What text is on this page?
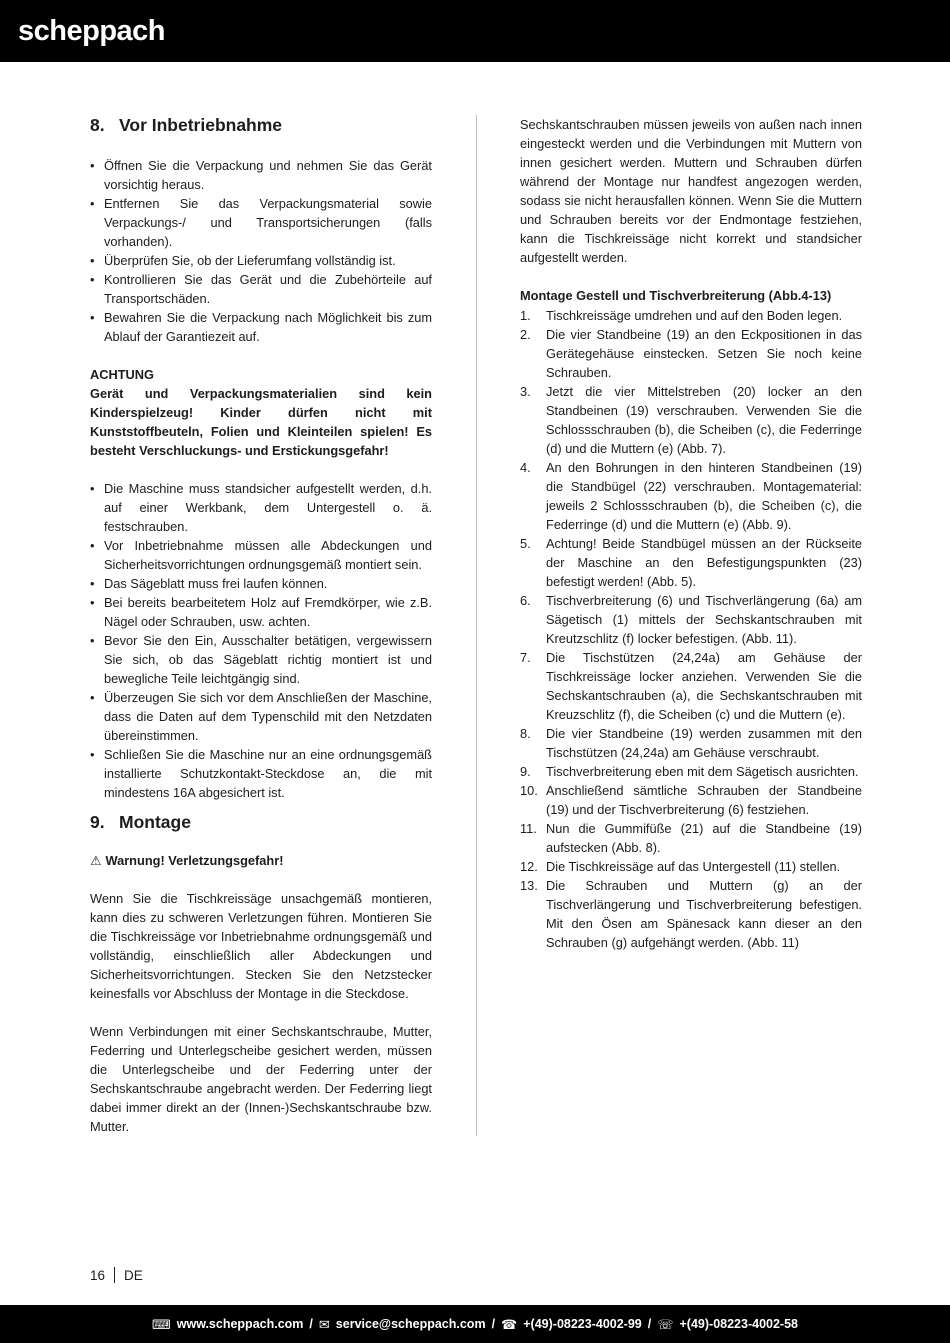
scheppach
8. Vor Inbetriebnahme
• Öffnen Sie die Verpackung und nehmen Sie das Gerät vorsichtig heraus.
• Entfernen Sie das Verpackungsmaterial sowie Verpackungs-/ und Transportsicherungen (falls vorhanden).
• Überprüfen Sie, ob der Lieferumfang vollständig ist.
• Kontrollieren Sie das Gerät und die Zubehörteile auf Transportschäden.
• Bewahren Sie die Verpackung nach Möglichkeit bis zum Ablauf der Garantiezeit auf.

ACHTUNG

Gerät und Verpackungsmaterialien sind kein Kinderspielzeug! Kinder dürfen nicht mit Kunststoffbeuteln, Folien und Kleinteilen spielen! Es besteht Verschluckungs- und Erstickungsgefahr!

• Die Maschine muss standsicher aufgestellt werden, d.h. auf einer Werkbank, dem Untergestell o. ä. festschrauben.
• Vor Inbetriebnahme müssen alle Abdeckungen und Sicherheitsvorrichtungen ordnungsgemäß montiert sein.
• Das Sägeblatt muss frei laufen können.
• Bei bereits bearbeitetem Holz auf Fremdkörper, wie z.B. Nägel oder Schrauben, usw. achten.
• Bevor Sie den Ein, Ausschalter betätigen, vergewissern Sie sich, ob das Sägeblatt richtig montiert ist und bewegliche Teile leichtgängig sind.
• Überzeugen Sie sich vor dem Anschließen der Maschine, dass die Daten auf dem Typenschild mit den Netzdaten übereinstimmen.
• Schließen Sie die Maschine nur an eine ordnungsgemäß installierte Schutzkontakt-Steckdose an, die mit mindestens 16A abgesichert ist.
9. Montage

⚠ Warnung! Verletzungsgefahr!

Wenn Sie die Tischkreissäge unsachgemäß montieren, kann dies zu schweren Verletzungen führen. Montieren Sie die Tischkreissäge vor Inbetriebnahme ordnungsgemäß und vollständig, einschließlich aller Abdeckungen und Sicherheitsvorrichtungen. Stecken Sie den Netzstecker keinesfalls vor Abschluss der Montage in die Steckdose.

Wenn Verbindungen mit einer Sechskantschraube, Mutter, Federring und Unterlegscheibe gesichert werden, müssen die Unterlegscheibe und der Federring unter der Sechskantschraube angebracht werden. Der Federring liegt dabei immer direkt an der (Innen-)Sechskantschraube bzw. Mutter.

Sechskantschrauben müssen jeweils von außen nach innen eingesteckt werden und die Verbindungen mit Muttern von innen gesichert werden. Muttern und Schrauben dürfen während der Montage nur handfest angezogen werden, sodass sie nicht herausfallen können. Wenn Sie die Muttern und Schrauben bereits vor der Endmontage festziehen, kann die Tischkreissäge nicht korrekt und standsicher aufgestellt werden.

Montage Gestell und Tischverbreiterung (Abb.4-13)

1.	Tischkreissäge umdrehen und auf den Boden legen.
2.	Die vier Standbeine (19) an den Eckpositionen in das Gerätegehäuse einstecken. Setzen Sie noch keine Schrauben.
3.	Jetzt die vier Mittelstreben (20) locker an den Standbeinen (19) verschrauben. Verwenden Sie die Schlossschrauben (b), die Scheiben (c), die Federringe (d) und die Muttern (e) (Abb. 7).
4.	An den Bohrungen in den hinteren Standbeinen (19) die Standbügel (22) verschrauben. Montagematerial: jeweils 2 Schlossschrauben (b), die Scheiben (c), die Federringe (d) und die Muttern (e) (Abb. 9).
5.	Achtung! Beide Standbügel müssen an der Rückseite der Maschine an den Befestigungspunkten (23) befestigt werden! (Abb. 5).
6.	Tischverbreiterung (6) und Tischverlängerung (6a) am Sägetisch (1) mittels der Sechskantschrauben mit Kreutzschlitz (f) locker befestigen. (Abb. 11).
7.	Die Tischstützen (24,24a) am Gehäuse der Tischkreissäge locker anziehen. Verwenden Sie die Sechskantschrauben (a), die Sechskantschrauben mit Kreuzschlitz (f), die Scheiben (c) und die Muttern (e).
8.	Die vier Standbeine (19) werden zusammen mit den Tischstützen (24,24a) am Gehäuse verschraubt.
9.	Tischverbreiterung eben mit dem Sägetisch ausrichten.
10. Anschließend sämtliche Schrauben der Standbeine (19) und der Tischverbreiterung (6) festziehen.
11. Nun die Gummifüße (21) auf die Standbeine (19) aufstecken (Abb. 8).
12. Die Tischkreissäge auf das Untergestell (11) stellen.
13. Die Schrauben und Muttern (g) an der Tischverlängerung und Tischverbreiterung befestigen. Mit den Ösen am Spänesack kann dieser an den Schrauben (g) aufgehängt werden. (Abb. 11)
16 DE
⌨ www.scheppach.com / ✉ service@scheppach.com / ☎ +(49)-08223-4002-99 / ☏ +(49)-08223-4002-58
